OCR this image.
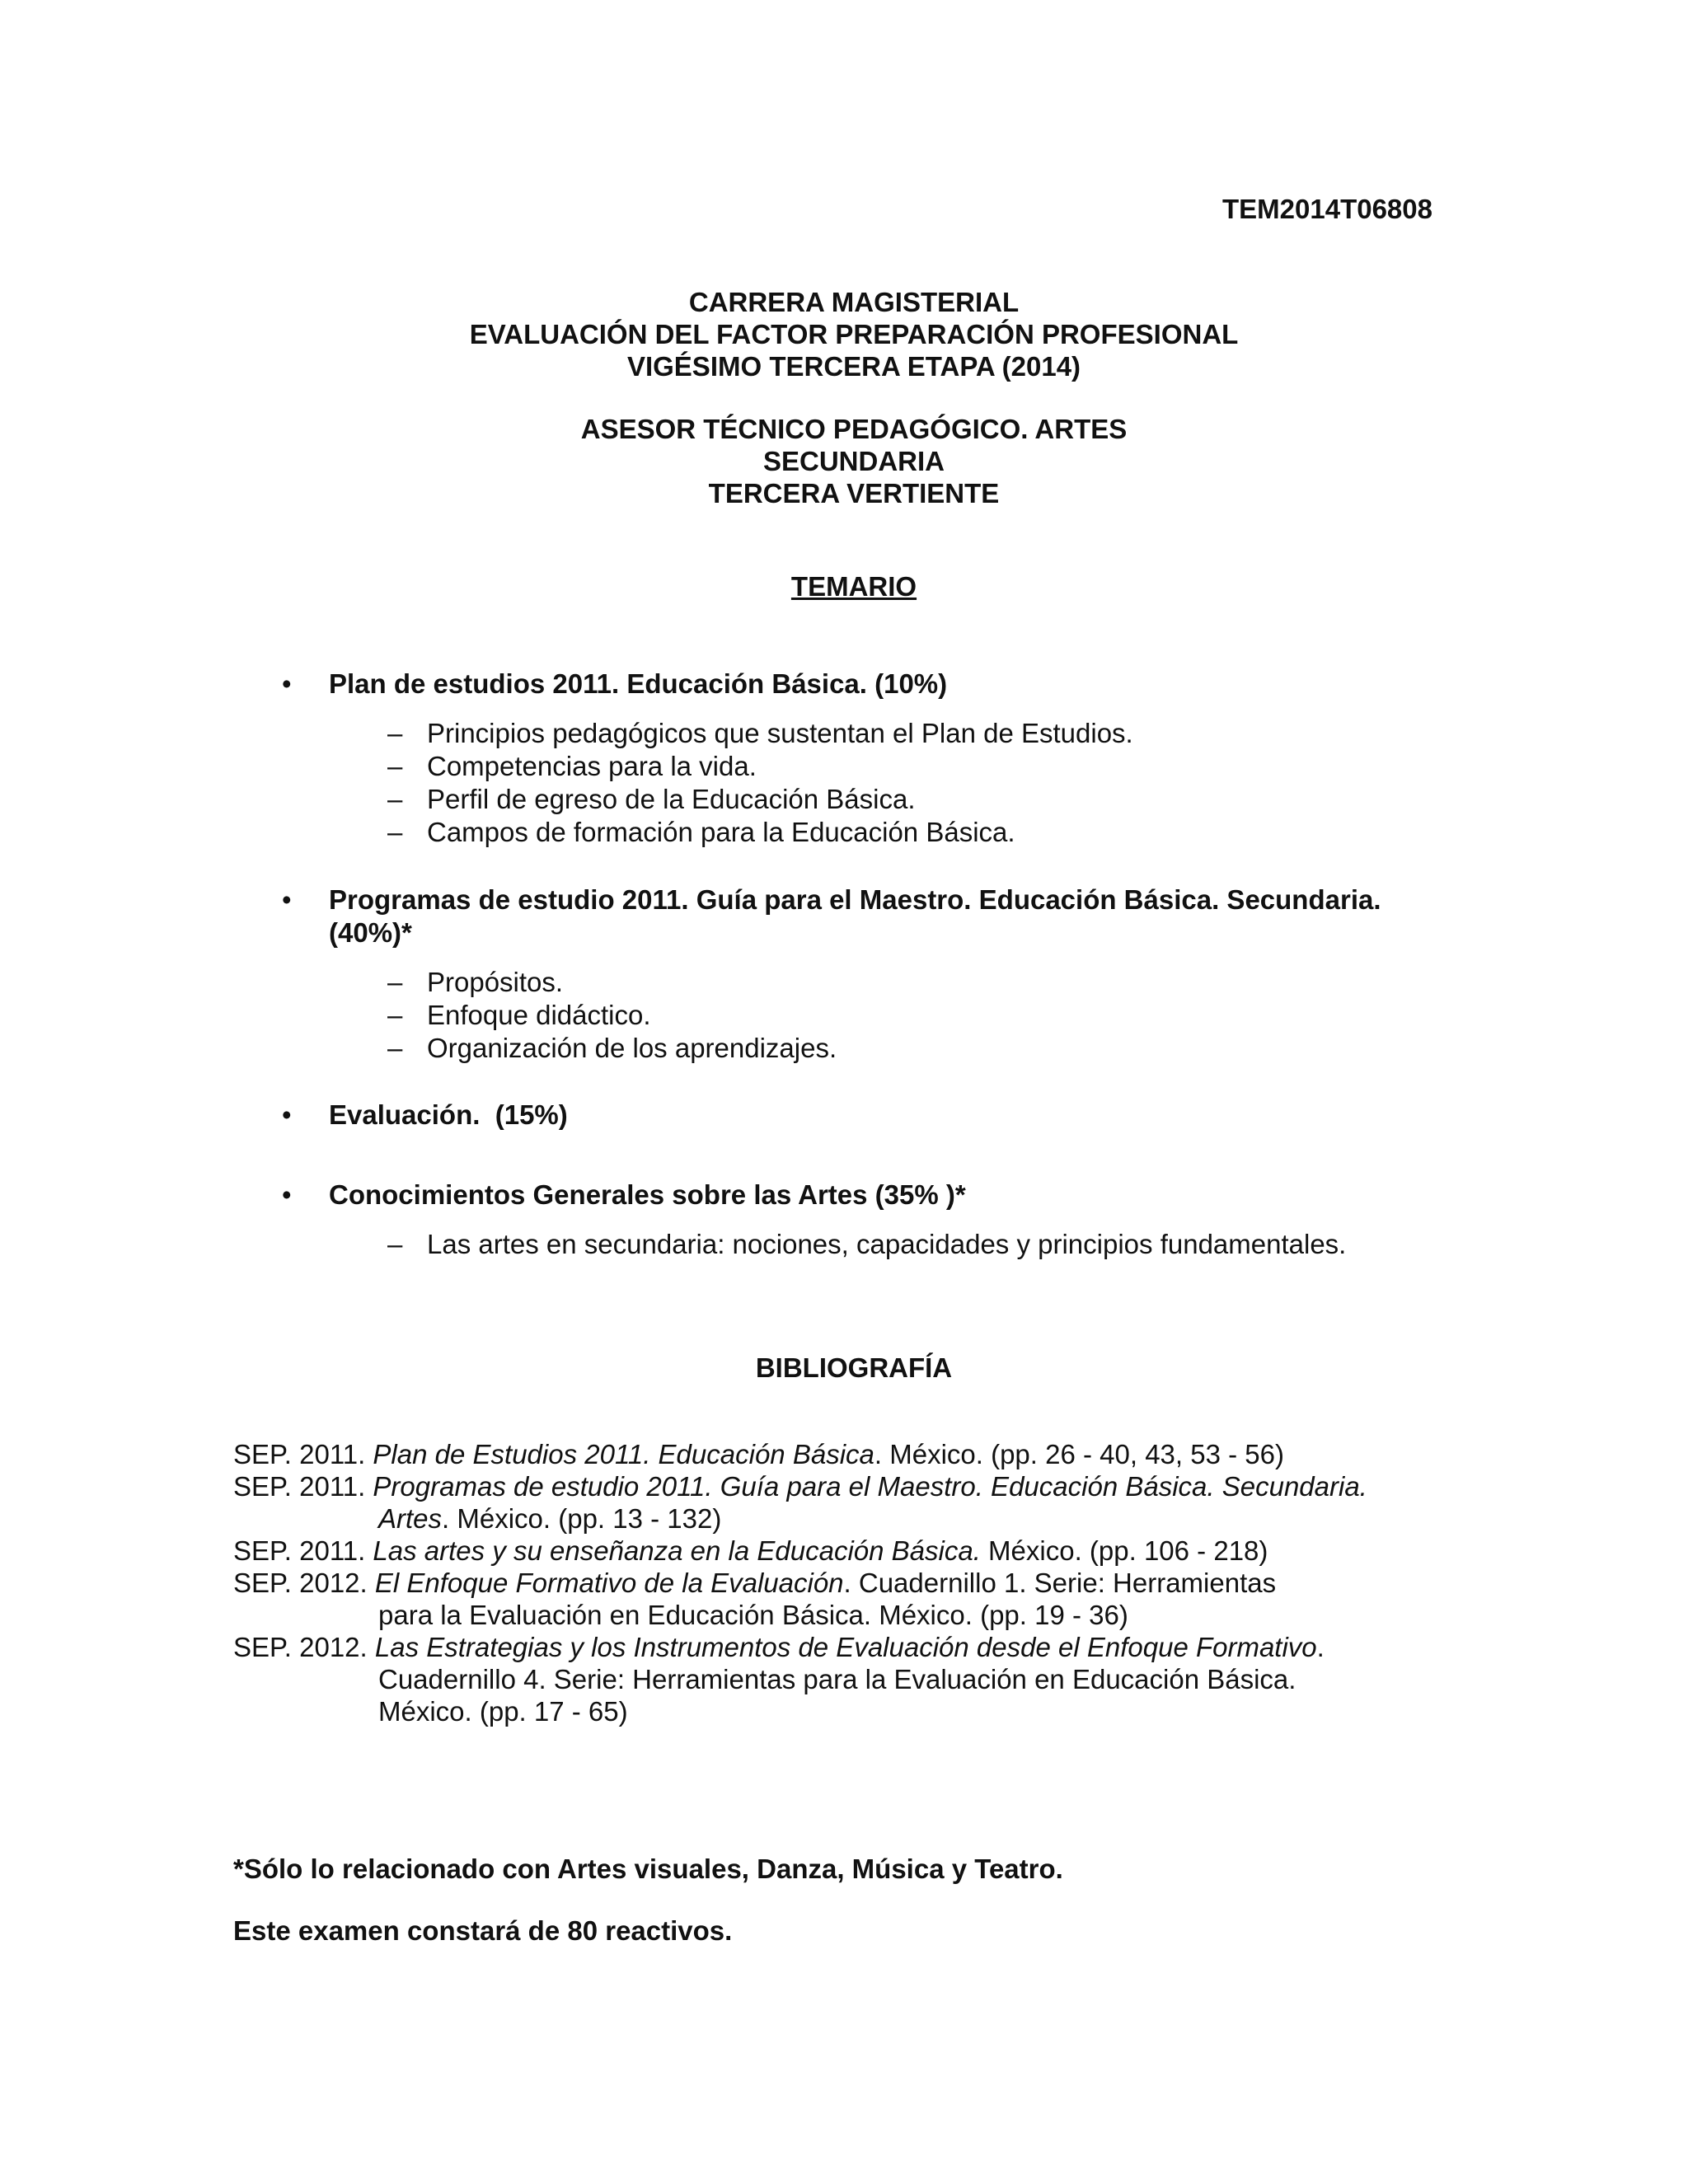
TEM2014T06808
CARRERA MAGISTERIAL
EVALUACIÓN DEL FACTOR PREPARACIÓN PROFESIONAL
VIGÉSIMO TERCERA ETAPA (2014)
ASESOR TÉCNICO PEDAGÓGICO. ARTES
SECUNDARIA
TERCERA VERTIENTE
TEMARIO
• Plan de estudios 2011. Educación Básica. (10%)
– Principios pedagógicos que sustentan el Plan de Estudios.
– Competencias para la vida.
– Perfil de egreso de la Educación Básica.
– Campos de formación para la Educación Básica.
• Programas de estudio 2011. Guía para el Maestro. Educación Básica. Secundaria.
(40%)*
– Propósitos.
– Enfoque didáctico.
– Organización de los aprendizajes.
• Evaluación.  (15%)
• Conocimientos Generales sobre las Artes (35% )*
– Las artes en secundaria: nociones, capacidades y principios fundamentales.
BIBLIOGRAFÍA
SEP. 2011. Plan de Estudios 2011. Educación Básica. México. (pp. 26 - 40, 43, 53 - 56)
SEP. 2011. Programas de estudio 2011. Guía para el Maestro. Educación Básica. Secundaria.
Artes. México. (pp. 13 - 132)
SEP. 2011. Las artes y su enseñanza en la Educación Básica. México. (pp. 106 - 218)
SEP. 2012. El Enfoque Formativo de la Evaluación. Cuadernillo 1. Serie: Herramientas
para la Evaluación en Educación Básica. México. (pp. 19 - 36)
SEP. 2012. Las Estrategias y los Instrumentos de Evaluación desde el Enfoque Formativo.
Cuadernillo 4. Serie: Herramientas para la Evaluación en Educación Básica.
México. (pp. 17 - 65)
*Sólo lo relacionado con Artes visuales, Danza, Música y Teatro.
Este examen constará de 80 reactivos.
